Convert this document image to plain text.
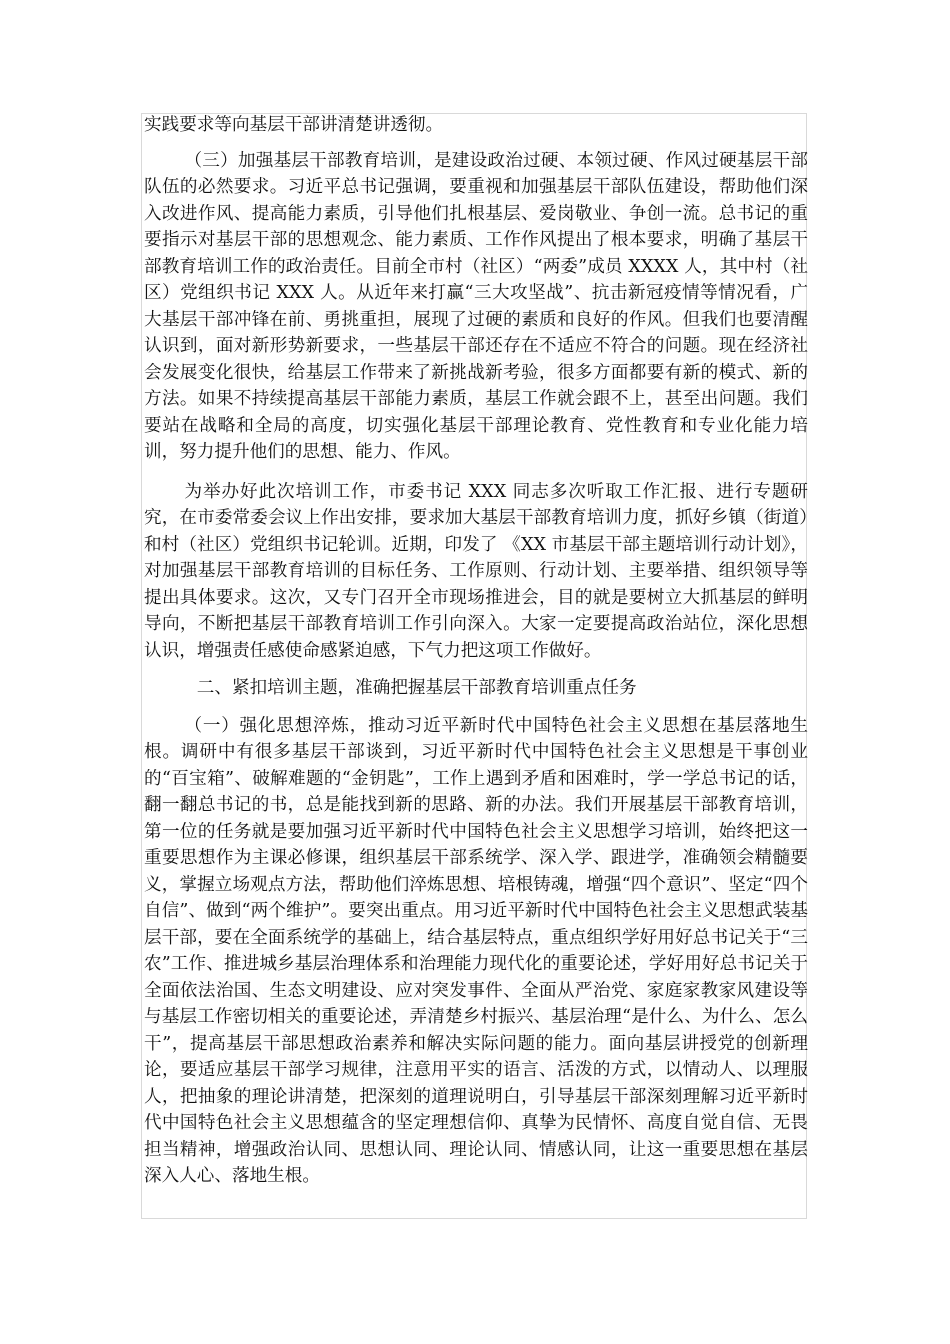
实践要求等向基层干部讲清楚讲透彻。

（三）加强基层干部教育培训，是建设政治过硬、本领过硬、作风过硬基层干部队伍的必然要求。习近平总书记强调，要重视和加强基层干部队伍建设，帮助他们深入改进作风、提高能力素质，引导他们扎根基层、爱岗敬业、争创一流。总书记的重要指示对基层干部的思想观念、能力素质、工作作风提出了根本要求，明确了基层干部教育培训工作的政治责任。目前全市村（社区）“两委”成员 XXXX 人，其中村（社区）党组织书记 XXX 人。从近年来打赢“三大攻坚战”、抗击新冠疫情等情况看，广大基层干部冲锋在前、勇挑重担，展现了过硬的素质和良好的作风。但我们也要清醒认识到，面对新形势新要求，一些基层干部还存在不适应不符合的问题。现在经济社会发展变化很快，给基层工作带来了新挑战新考验，很多方面都要有新的模式、新的方法。如果不持续提高基层干部能力素质，基层工作就会跟不上，甚至出问题。我们要站在战略和全局的高度，切实强化基层干部理论教育、党性教育和专业化能力培训，努力提升他们的思想、能力、作风。

为举办好此次培训工作，市委书记 XXX 同志多次听取工作汇报、进行专题研究，在市委常委会议上作出安排，要求加大基层干部教育培训力度，抓好乡镇（街道）和村（社区）党组织书记轮训。近期，印发了 《XX 市基层干部主题培训行动计划》，对加强基层干部教育培训的目标任务、工作原则、行动计划、主要举措、组织领导等提出具体要求。这次，又专门召开全市现场推进会，目的就是要树立大抓基层的鲜明导向，不断把基层干部教育培训工作引向深入。大家一定要提高政治站位，深化思想认识，增强责任感使命感紧迫感，下气力把这项工作做好。

二、紧扣培训主题，准确把握基层干部教育培训重点任务

（一）强化思想淬炼，推动习近平新时代中国特色社会主义思想在基层落地生根。调研中有很多基层干部谈到，习近平新时代中国特色社会主义思想是干事创业的“百宝箱”、破解难题的“金钥匙”，工作上遇到矛盾和困难时，学一学总书记的话，翻一翻总书记的书，总是能找到新的思路、新的办法。我们开展基层干部教育培训，第一位的任务就是要加强习近平新时代中国特色社会主义思想学习培训，始终把这一重要思想作为主课必修课，组织基层干部系统学、深入学、跟进学，准确领会精髓要义，掌握立场观点方法，帮助他们淬炼思想、培根铸魂，增强“四个意识”、坚定“四个自信”、做到“两个维护”。要突出重点。用习近平新时代中国特色社会主义思想武装基层干部，要在全面系统学的基础上，结合基层特点，重点组织学好用好总书记关于“三农”工作、推进城乡基层治理体系和治理能力现代化的重要论述，学好用好总书记关于全面依法治国、生态文明建设、应对突发事件、全面从严治党、家庭家教家风建设等与基层工作密切相关的重要论述，弄清楚乡村振兴、基层治理“是什么、为什么、怎么干”，提高基层干部思想政治素养和解决实际问题的能力。面向基层讲授党的创新理论，要适应基层干部学习规律，注意用平实的语言、活泼的方式，以情动人、以理服人，把抽象的理论讲清楚，把深刻的道理说明白，引导基层干部深刻理解习近平新时代中国特色社会主义思想蕴含的坚定理想信仰、真挚为民情怀、高度自觉自信、无畏担当精神，增强政治认同、思想认同、理论认同、情感认同，让这一重要思想在基层深入人心、落地生根。
